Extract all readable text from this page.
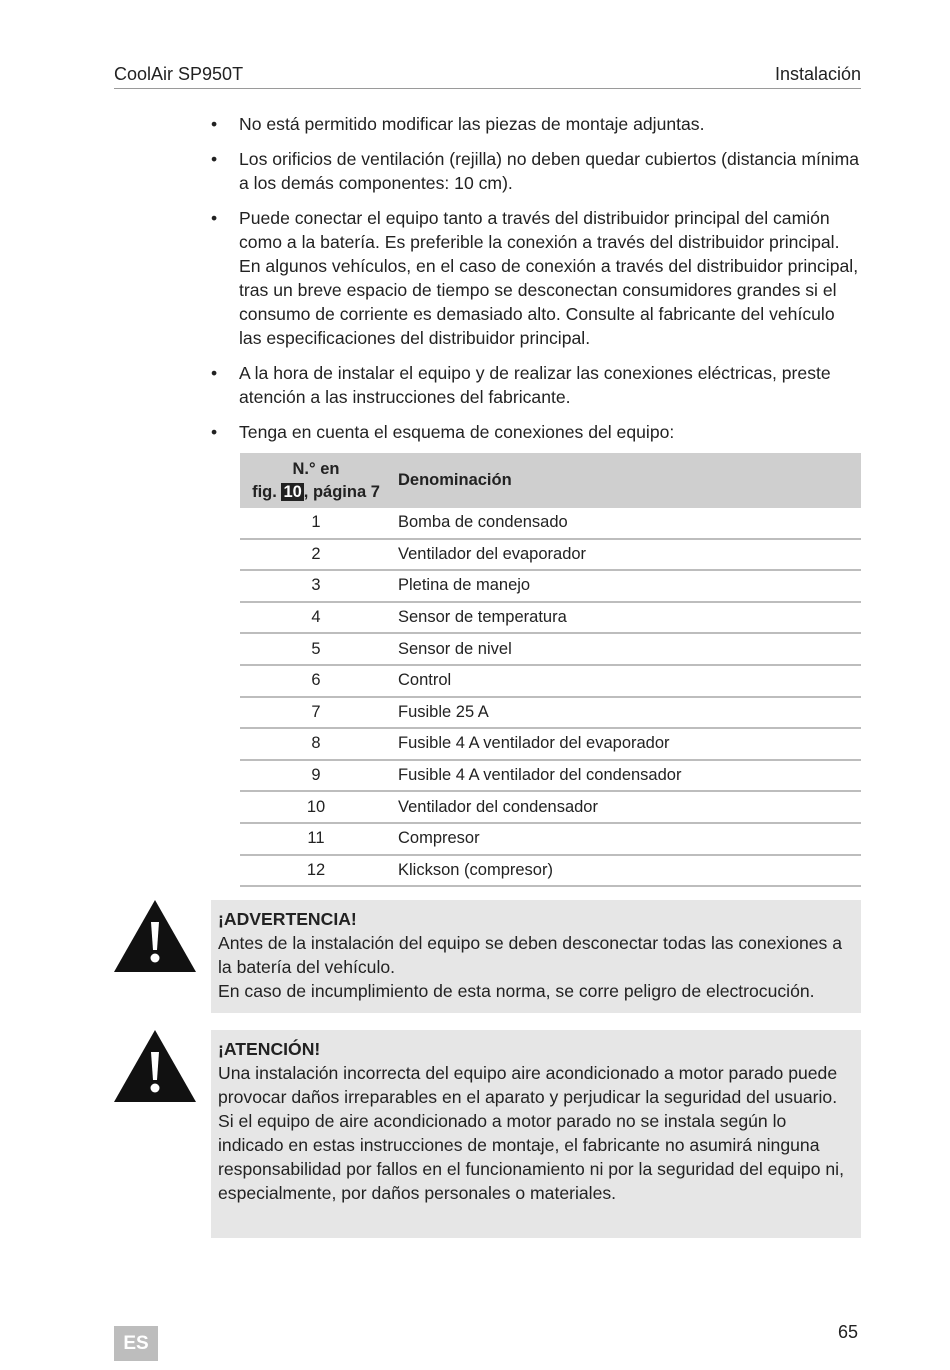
CoolAir SP950T	Instalación
• No está permitido modificar las piezas de montaje adjuntas.
• Los orificios de ventilación (rejilla) no deben quedar cubiertos (distancia mínima a los demás componentes: 10 cm).
• Puede conectar el equipo tanto a través del distribuidor principal del camión como a la batería. Es preferible la conexión a través del distribuidor principal. En algunos vehículos, en el caso de conexión a través del distribuidor principal, tras un breve espacio de tiempo se desconectan consumidores grandes si el consumo de corriente es demasiado alto. Consulte al fabricante del vehículo las especificaciones del distribuidor principal.
• A la hora de instalar el equipo y de realizar las conexiones eléctricas, preste atención a las instrucciones del fabricante.
• Tenga en cuenta el esquema de conexiones del equipo:
N.° en
fig. 10 , página 7	Denominación
1	Bomba de condensado
2	Ventilador del evaporador
3	Pletina de manejo
4	Sensor de temperatura
5	Sensor de nivel
6	Control
7	Fusible 25 A
8	Fusible 4 A ventilador del evaporador
9	Fusible 4 A ventilador del condensador
10	Ventilador del condensador
11	Compresor
12	Klickson (compresor)
¡ADVERTENCIA!
Antes de la instalación del equipo se deben desconectar todas las conexiones a la batería del vehículo.
En caso de incumplimiento de esta norma, se corre peligro de electrocución.
¡ATENCIÓN!
Una instalación incorrecta del equipo aire acondicionado a motor parado puede provocar daños irreparables en el aparato y perjudicar la seguridad del usuario.
Si el equipo de aire acondicionado a motor parado no se instala según lo indicado en estas instrucciones de montaje, el fabricante no asumirá ninguna responsabilidad por fallos en el funcionamiento ni por la seguridad del equipo ni, especialmente, por daños personales o materiales.
65
ES
